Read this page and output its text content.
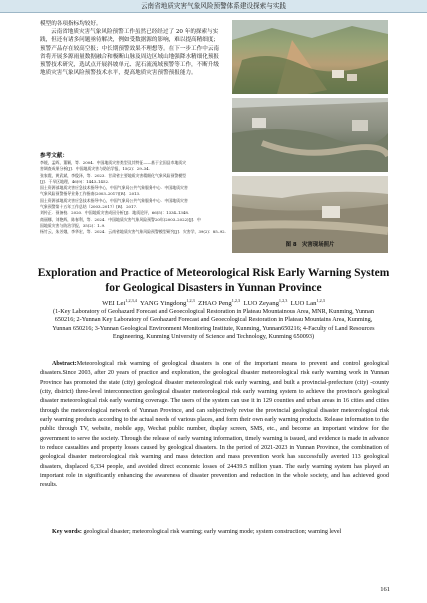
云南省地质灾害气象风险预警体系建设探索与实践

模型的各项指标均较好。

云南省地质灾害气象风险预警工作虽然已经经过了 20 年的探索与实践，但还有诸多问题亟待解决，例如受数据源的影响，难以提高精细度；预警产品存在较高空报；中长期预警效果不理想等。在下一步工作中云南省将开展多源雨量数据融合和极断山脉及周边区域山地强降水精细化预报预警技术研究，选试点开展斜坡单元、泥石流流域预警等工作，不断升级地质灾害气象风险预警技术水平，提高地质灾害预警预报能力。

参考文献：
李媛，孟晖，董颖，等．2004．中国地质灾害类型及其特征——基于全国县市地质灾
害调查成果分析[J]．中国地质灾害与防治学报，15(2)：29–34.
张家霞，黄武斌，李俊泽，等．2023．甘肃省主要地质灾害精细化气象风险预警模型
[J]．干旱区地理，46(9)：1443–1452.
国土资源部地质灾害应急技术指导中心，中国气象局公共气象服务中心．中国地质灾害
气象风险预警指导业务工作指南(2003–2017)[R]．2013.
国土资源部地质灾害应急技术指导中心，中国气象局公共气象服务中心．中国地质灾害
气象预警第十五年工作总结（2003–2017）[R]．2017.
刘传正．预备校．2020．中国地质灾害成因分析[J]．地质论评，66(5)：1334–1348.
商丽娜，刘艳辉，陈春利，等．2024．中国地质灾害气象风险预警20年(2003–2022)[J]．中
国地质灾害与防治学报，35(2)：1–9.
杨竹云，朱芳娥，李华宏，等．2024．云南省地质灾害气象风险预警模型研究[J]．灾害学，39(2)：85–92.
图 8　灾害现场照片
Exploration and Practice of Meteorological Risk Early Warning System for Geological Disasters in Yunnan Province
WEI Lei$^{1,2,3,4}$ YANG Yingdong$^{1,2,3}$ ZHAO Peng$^{1,2,3}$ LUO Zeyang$^{1,2,3}$ LUO Lan$^{1,2,3}$
(1-Key Laboratory of Geohazard Forecast and Geoecological Restoration in Plateau Mountainous Area, MNR, Kunming, Yunnan 650216; 2-Yunnan Key Laboratory of Geohazard Forecast and Geoecological Restoration in Plateau Mountains Area, Kunming, Yunnan 650216; 3-Yunnan Geological Environment Monitoring Institute, Kunming, Yunnan650216; 4-Faculty of Land Resources Engineering, Kunming University of Science and Technology, Kunming 650093)
Abstract:Meteorological risk warning of geological disasters is one of the important means to prevent and control geological disasters.Since 2003, after 20 years of practice and exploration, the geological disaster meteorological risk early warning work in Yunnan Province has promoted the state (city) geological disaster meteorological risk early warning, and built a provincial-prefecture (city) -county (city, district) three-level interconnection geological disaster meteorological risk early warning system to achieve the province's geological disaster meteorological risk early warning coverage. The users of the system can use it in 129 counties and urban areas in 16 cities and cities through the meteorological network of Yunnan Province, and can subjectively revise the provincial geological disaster meteorological risk early warning products according to the actual needs of various places, and form their own early warning products. Release information to the public through TV, website, mobile app, Wechat public number, display screen, SMS, etc., and become an important window for the government to serve the society. Through the release of early warning information, timely warning is issued, and evidence is made in advance to reduce casualties and property losses caused by geological disasters. In the period of 2021-2023 in Yunnan Province, the combination of geological disaster meteorological risk warning and mass detection and mass prevention work has successfully averted 113 geological disasters, displaced 6,334 people, and avoided direct economic losses of 24439.5 million yuan. The early warning system has played an important role in significantly enhancing the awareness of disaster prevention and reduction in the whole society, and has achieved good results.
Key words: geological disaster; meteorological risk warning; early warning mode; system construction; warning level
161
